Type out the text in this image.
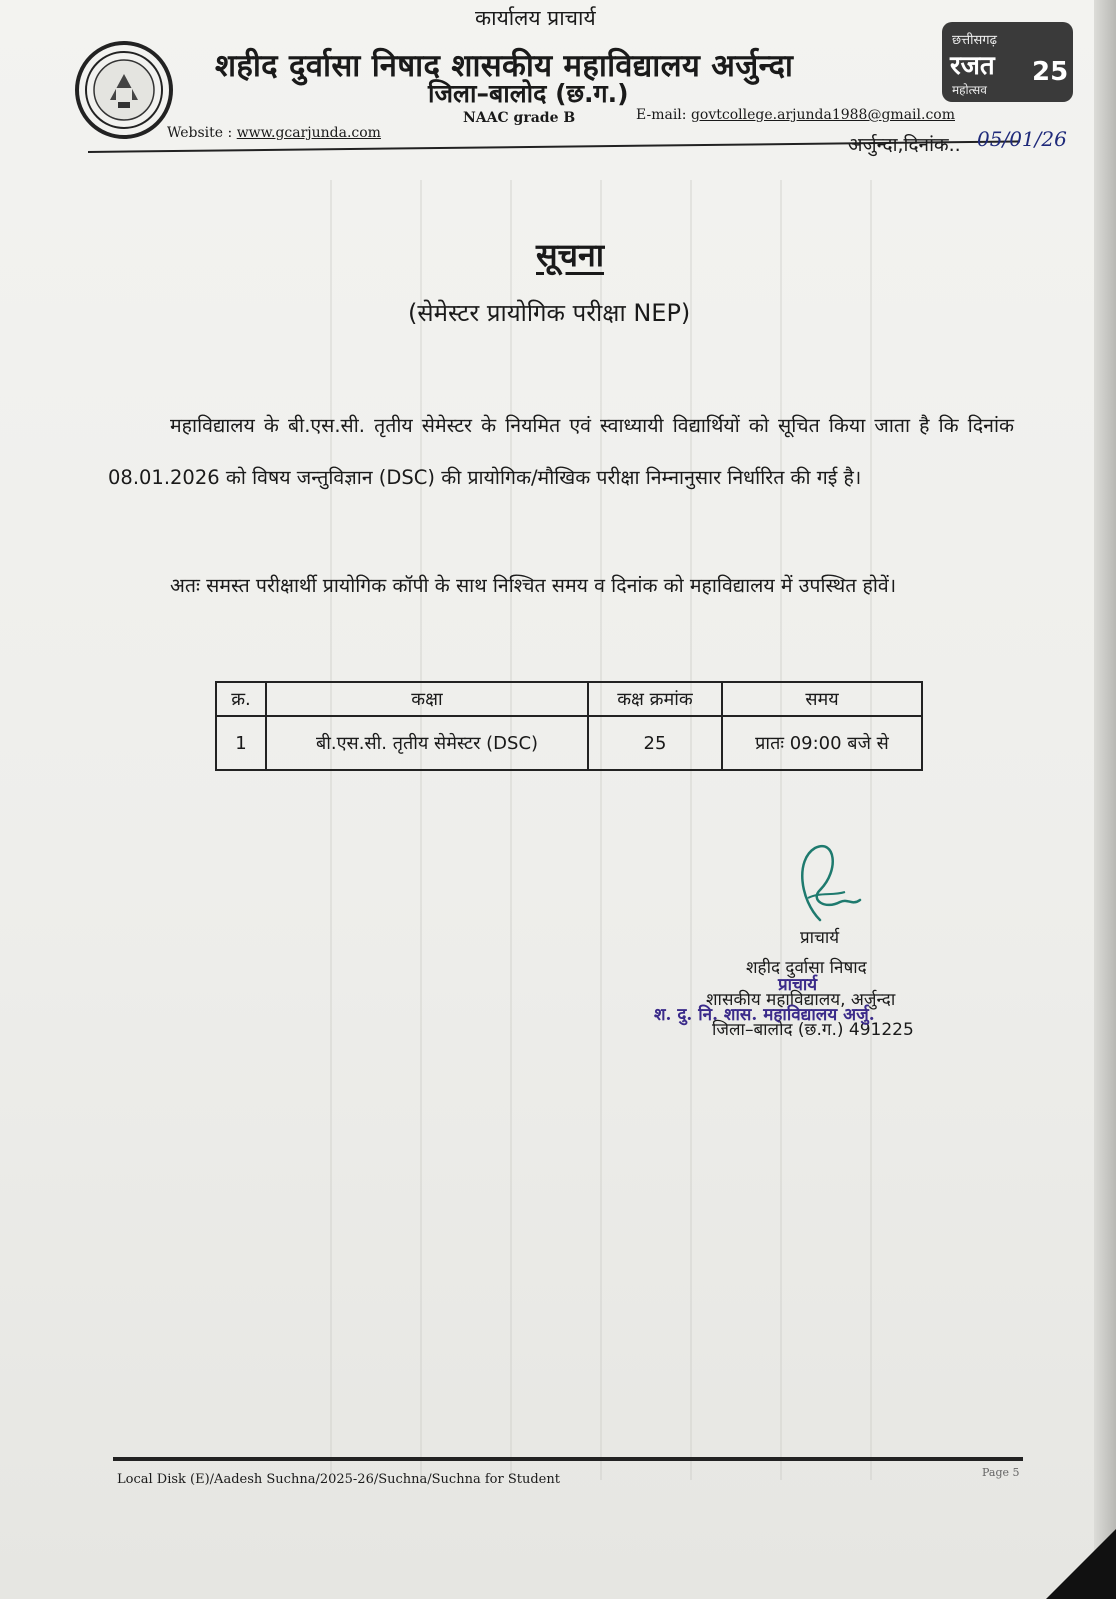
छत्तीसगढ़
रजत
महोत्सव
25
कार्यालय प्राचार्य
शहीद दुर्वासा निषाद शासकीय महाविद्यालय अर्जुन्दा
जिला–बालोद (छ.ग.)
Website : www.gcarjunda.com
NAAC grade B	E-mail: govtcollege.arjunda1988@gmail.com
अर्जुन्दा,दिनांक.. 05/01/26
सूचना
(सेमेस्टर प्रायोगिक परीक्षा NEP)
महाविद्यालय के बी.एस.सी. तृतीय सेमेस्टर के नियमित एवं स्वाध्यायी विद्यार्थियों को सूचित किया जाता है कि दिनांक 08.01.2026 को विषय जन्तुविज्ञान (DSC) की प्रायोगिक/मौखिक परीक्षा निम्नानुसार निर्धारित की गई है।
अतः समस्त परीक्षार्थी प्रायोगिक कॉपी के साथ निश्चित समय व दिनांक को महाविद्यालय में उपस्थित होवें।
क्र.	कक्षा	कक्ष क्रमांक	समय
1	बी.एस.सी. तृतीय सेमेस्टर (DSC)	25	प्रातः 09:00 बजे से
प्राचार्य
शहीद दुर्वासा निषाद
शासकीय महाविद्यालय, अर्जुन्दा
जिला–बालोद (छ.ग.) 491225
प्राचार्य
श. दु. नि. शास. महाविद्यालय अर्जु.
Local Disk (E)/Aadesh Suchna/2025-26/Suchna/Suchna for Student	Page 5
